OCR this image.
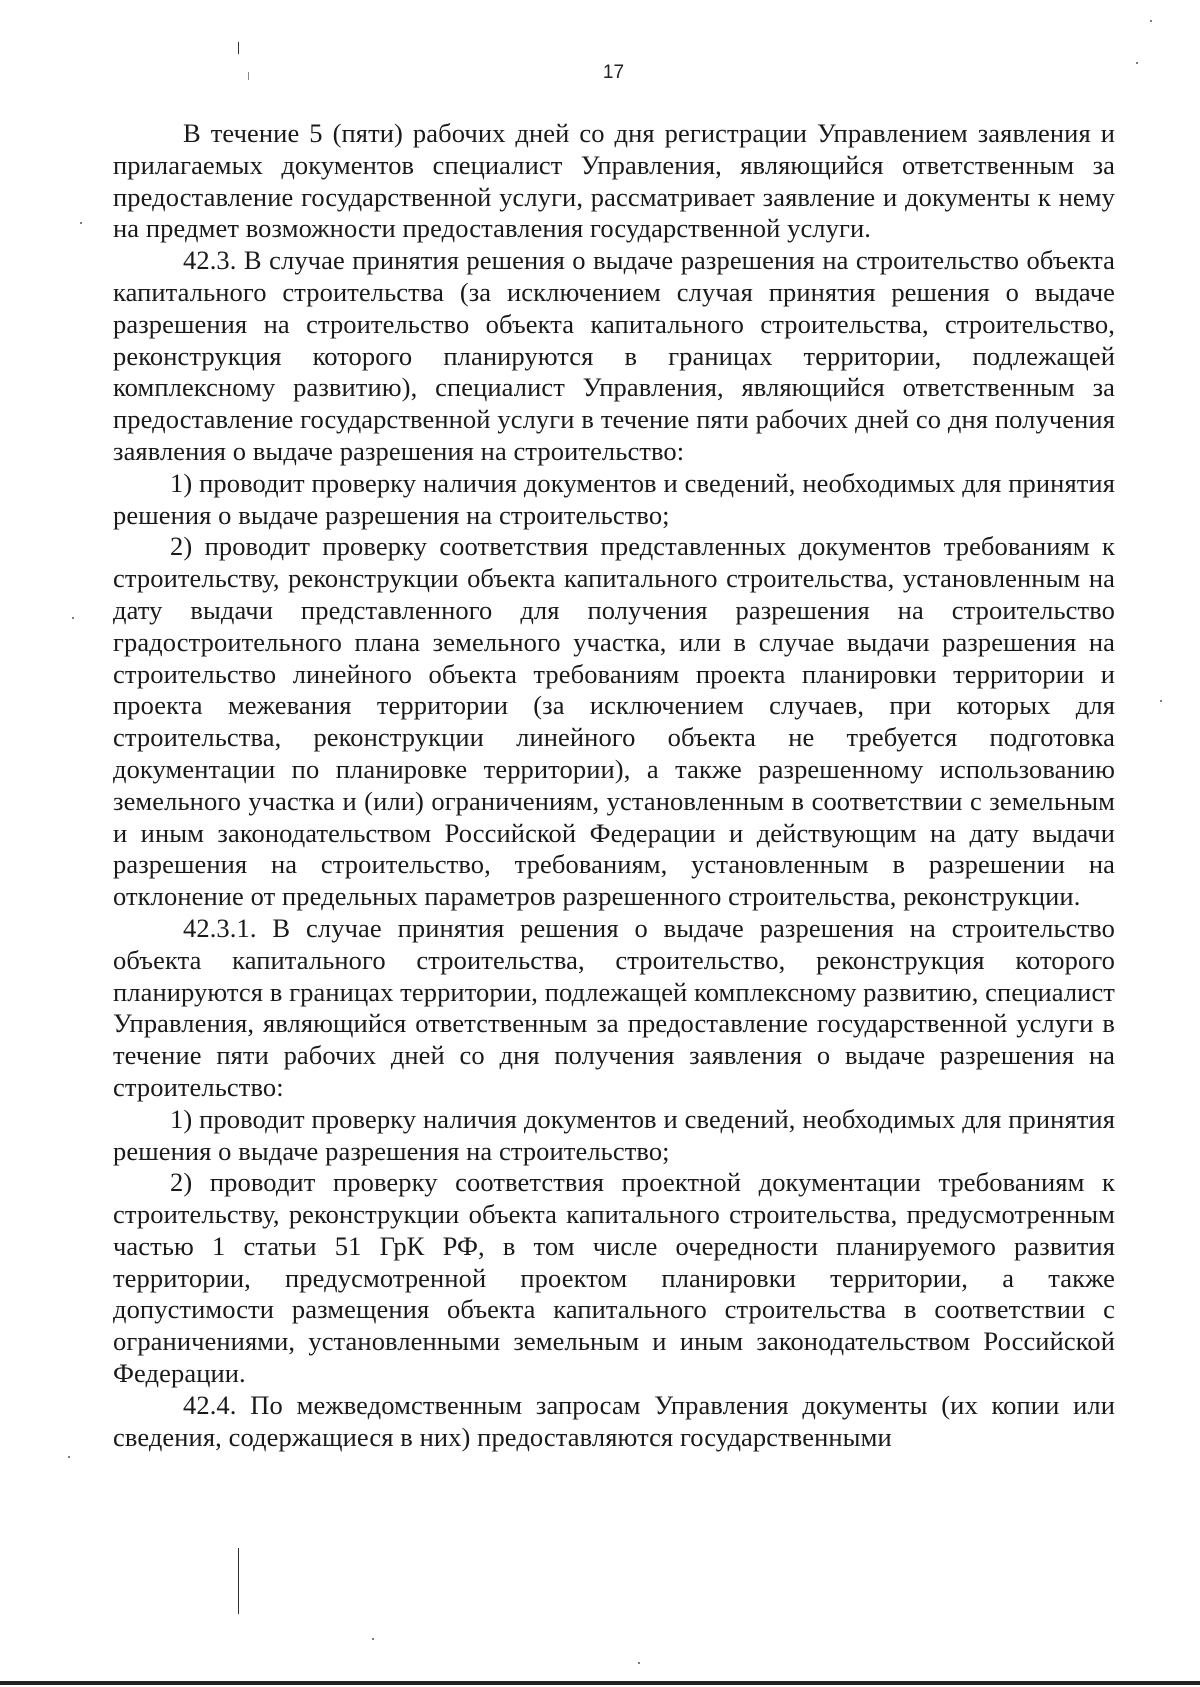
17

В течение 5 (пяти) рабочих дней со дня регистрации Управлением заявления и прилагаемых документов специалист Управления, являющийся ответственным за предоставление государственной услуги, рассматривает заявление и документы к нему на предмет возможности предоставления государственной услуги.

42.3. В случае принятия решения о выдаче разрешения на строительство объекта капитального строительства (за исключением случая принятия решения о выдаче разрешения на строительство объекта капитального строительства, строительство, реконструкция которого планируются в границах территории, подлежащей комплексному развитию), специалист Управления, являющийся ответственным за предоставление государственной услуги в течение пяти рабочих дней со дня получения заявления о выдаче разрешения на строительство:

1) проводит проверку наличия документов и сведений, необходимых для принятия решения о выдаче разрешения на строительство;

2) проводит проверку соответствия представленных документов требованиям к строительству, реконструкции объекта капитального строительства, установленным на дату выдачи представленного для получения разрешения на строительство градостроительного плана земельного участка, или в случае выдачи разрешения на строительство линейного объекта требованиям проекта планировки территории и проекта межевания территории (за исключением случаев, при которых для строительства, реконструкции линейного объекта не требуется подготовка документации по планировке территории), а также разрешенному использованию земельного участка и (или) ограничениям, установленным в соответствии с земельным и иным законодательством Российской Федерации и действующим на дату выдачи разрешения на строительство, требованиям, установленным в разрешении на отклонение от предельных параметров разрешенного строительства, реконструкции.

42.3.1. В случае принятия решения о выдаче разрешения на строительство объекта капитального строительства, строительство, реконструкция которого планируются в границах территории, подлежащей комплексному развитию, специалист Управления, являющийся ответственным за предоставление государственной услуги в течение пяти рабочих дней со дня получения заявления о выдаче разрешения на строительство:

1) проводит проверку наличия документов и сведений, необходимых для принятия решения о выдаче разрешения на строительство;

2) проводит проверку соответствия проектной документации требованиям к строительству, реконструкции объекта капитального строительства, предусмотренным частью 1 статьи 51 ГрК РФ, в том числе очередности планируемого развития территории, предусмотренной проектом планировки территории, а также допустимости размещения объекта капитального строительства в соответствии с ограничениями, установленными земельным и иным законодательством Российской Федерации.

42.4. По межведомственным запросам Управления документы (их копии или сведения, содержащиеся в них) предоставляются государственными
